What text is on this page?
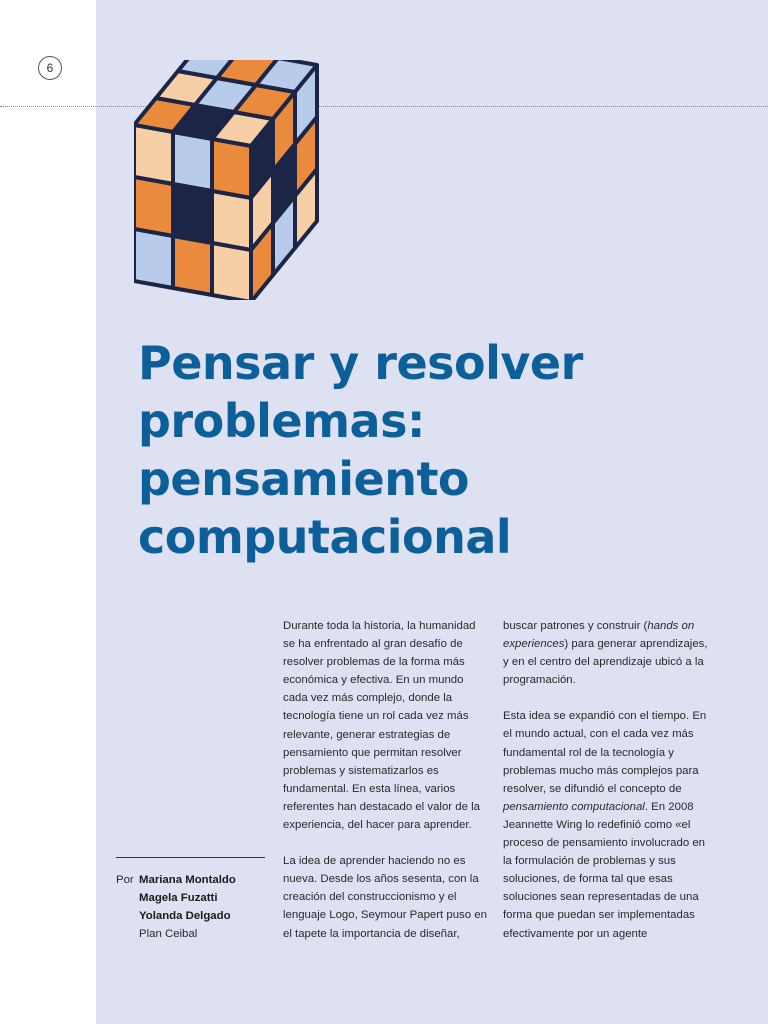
6
Pensar y resolver
problemas:
pensamiento
computacional

Durante toda la historia, la humanidad se ha enfrentado al gran desafío de resolver problemas de la forma más económica y efectiva. En un mundo cada vez más complejo, donde la tecnología tiene un rol cada vez más relevante, generar estrategias de pensamiento que permitan resolver problemas y sistematizarlos es fundamental. En esta línea, varios referentes han destacado el valor de la experiencia, del hacer para aprender.

La idea de aprender haciendo no es nueva. Desde los años sesenta, con la creación del construccionismo y el lenguaje Logo, Seymour Papert puso en el tapete la importancia de diseñar,

buscar patrones y construir (hands on experiences) para generar aprendizajes, y en el centro del aprendizaje ubicó a la programación.

Esta idea se expandió con el tiempo. En el mundo actual, con el cada vez más fundamental rol de la tecnología y problemas mucho más complejos para resolver, se difundió el concepto de pensamiento computacional. En 2008 Jeannette Wing lo redefinió como «el proceso de pensamiento involucrado en la formulación de problemas y sus soluciones, de forma tal que esas soluciones sean representadas de una forma que puedan ser implementadas efectivamente por un agente

Por Mariana Montaldo
Magela Fuzatti
Yolanda Delgado
Plan Ceibal
